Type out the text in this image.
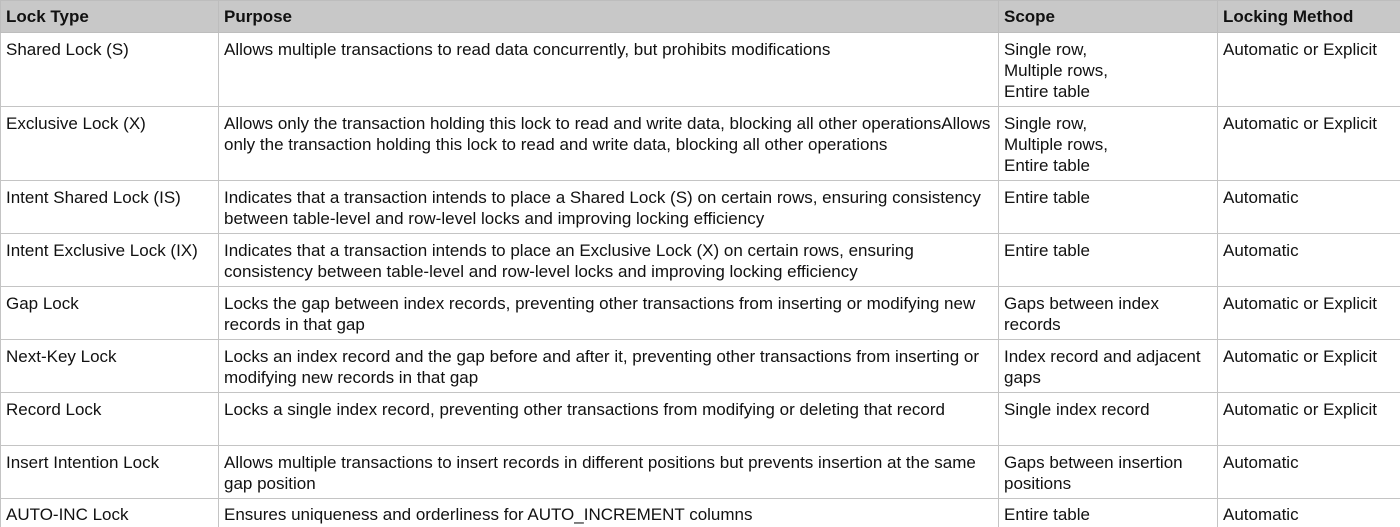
Lock Type	Purpose	Scope	Locking Method
Shared Lock (S)	Allows multiple transactions to read data concurrently, but prohibits modifications	Single row,
Multiple rows,
Entire table	Automatic or Explicit
Exclusive Lock (X)	Allows only the transaction holding this lock to read and write data, blocking all other operationsAllows only the transaction holding this lock to read and write data, blocking all other operations	Single row,
Multiple rows,
Entire table	Automatic or Explicit
Intent Shared Lock (IS)	Indicates that a transaction intends to place a Shared Lock (S) on certain rows, ensuring consistency between table-level and row-level locks and improving locking efficiency	Entire table	Automatic
Intent Exclusive Lock (IX)	Indicates that a transaction intends to place an Exclusive Lock (X) on certain rows, ensuring consistency between table-level and row-level locks and improving locking efficiency	Entire table	Automatic
Gap Lock	Locks the gap between index records, preventing other transactions from inserting or modifying new records in that gap	Gaps between index records	Automatic or Explicit
Next-Key Lock	Locks an index record and the gap before and after it, preventing other transactions from inserting or modifying new records in that gap	Index record and adjacent gaps	Automatic or Explicit
Record Lock	Locks a single index record, preventing other transactions from modifying or deleting that record	Single index record	Automatic or Explicit
Insert Intention Lock	Allows multiple transactions to insert records in different positions but prevents insertion at the same gap position	Gaps between insertion positions	Automatic
AUTO-INC Lock	Ensures uniqueness and orderliness for AUTO_INCREMENT columns	Entire table	Automatic
